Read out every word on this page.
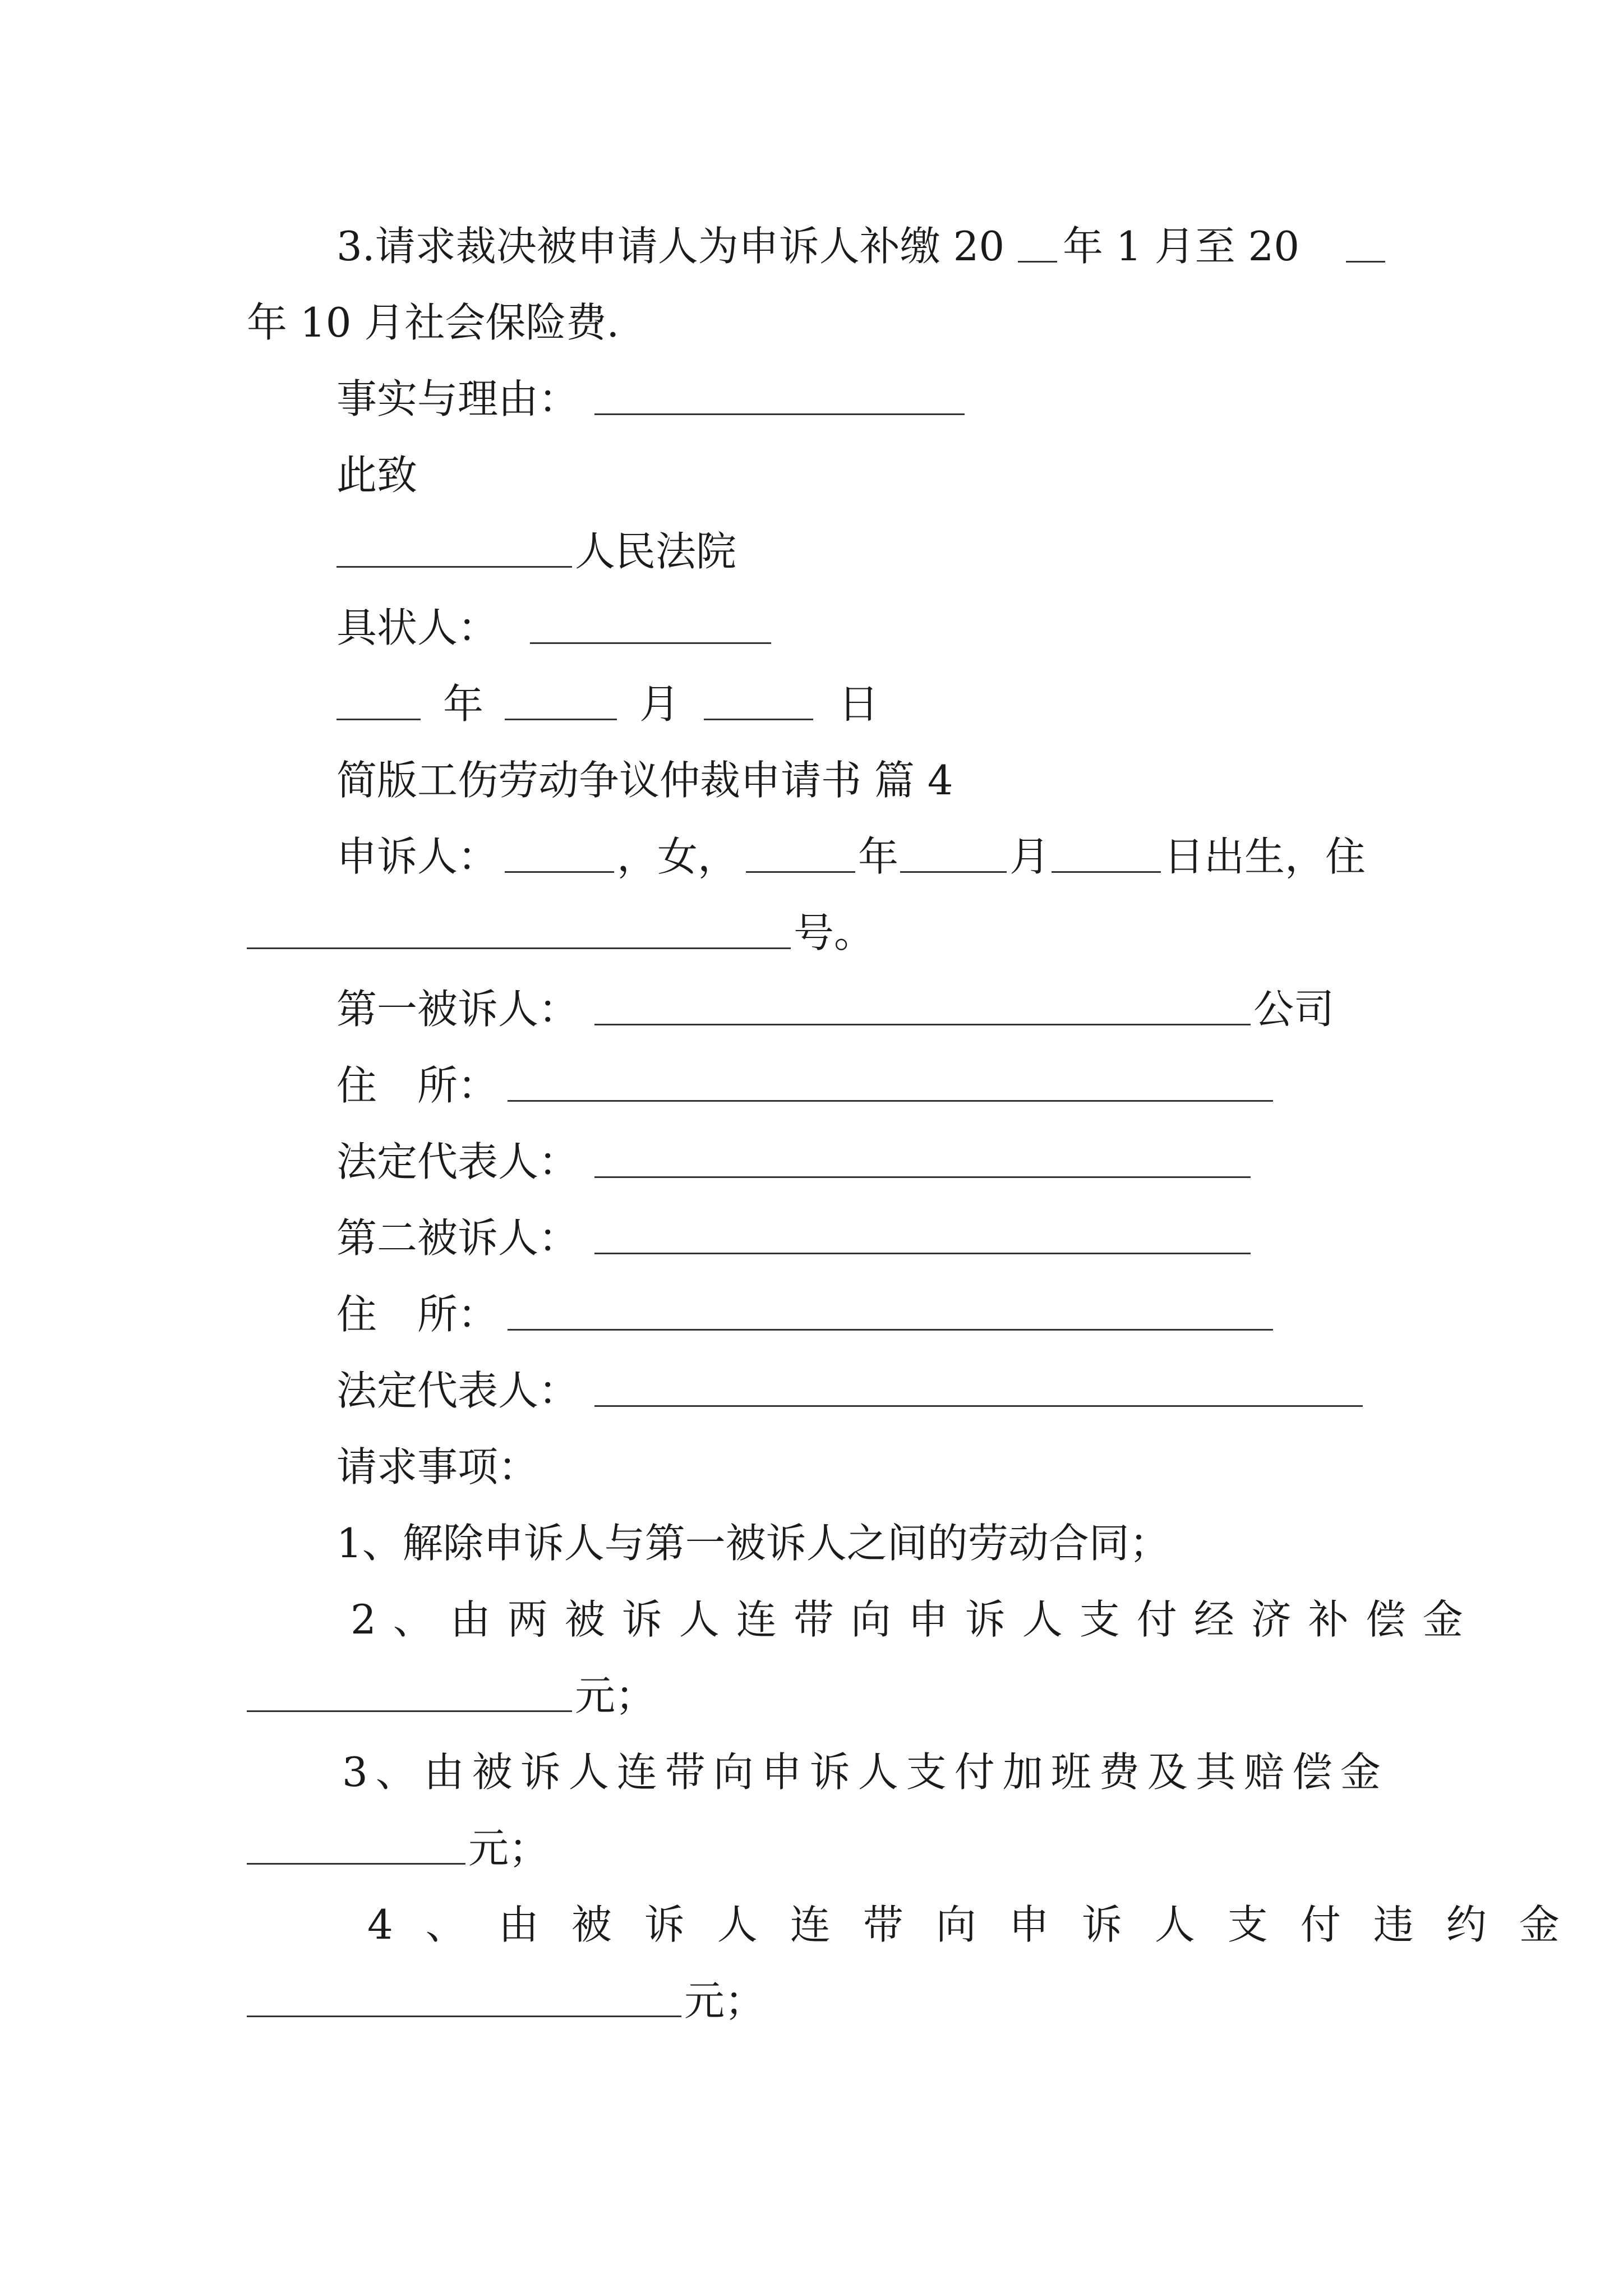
3.请求裁决被申请人为申诉人补缴 20 年 1 月至 20
年 10 月社会保险费.
事实与理由：
此致
人民法院
具状人：
年	月	日
简版工伤劳动争议仲裁申请书 篇 4
申诉人：	，女，	年	月	日出生，住
号。
第一被诉人：	公司
住　所：
法定代表人：
第二被诉人：
住　所：
法定代表人：
请求事项：
1、解除申诉人与第一被诉人之间的劳动合同；
2、由两被诉人连带向申诉人支付经济补偿金
元；
3、由被诉人连带向申诉人支付加班费及其赔偿金
元；
4、由被诉人连带向申诉人支付违约金
元；
